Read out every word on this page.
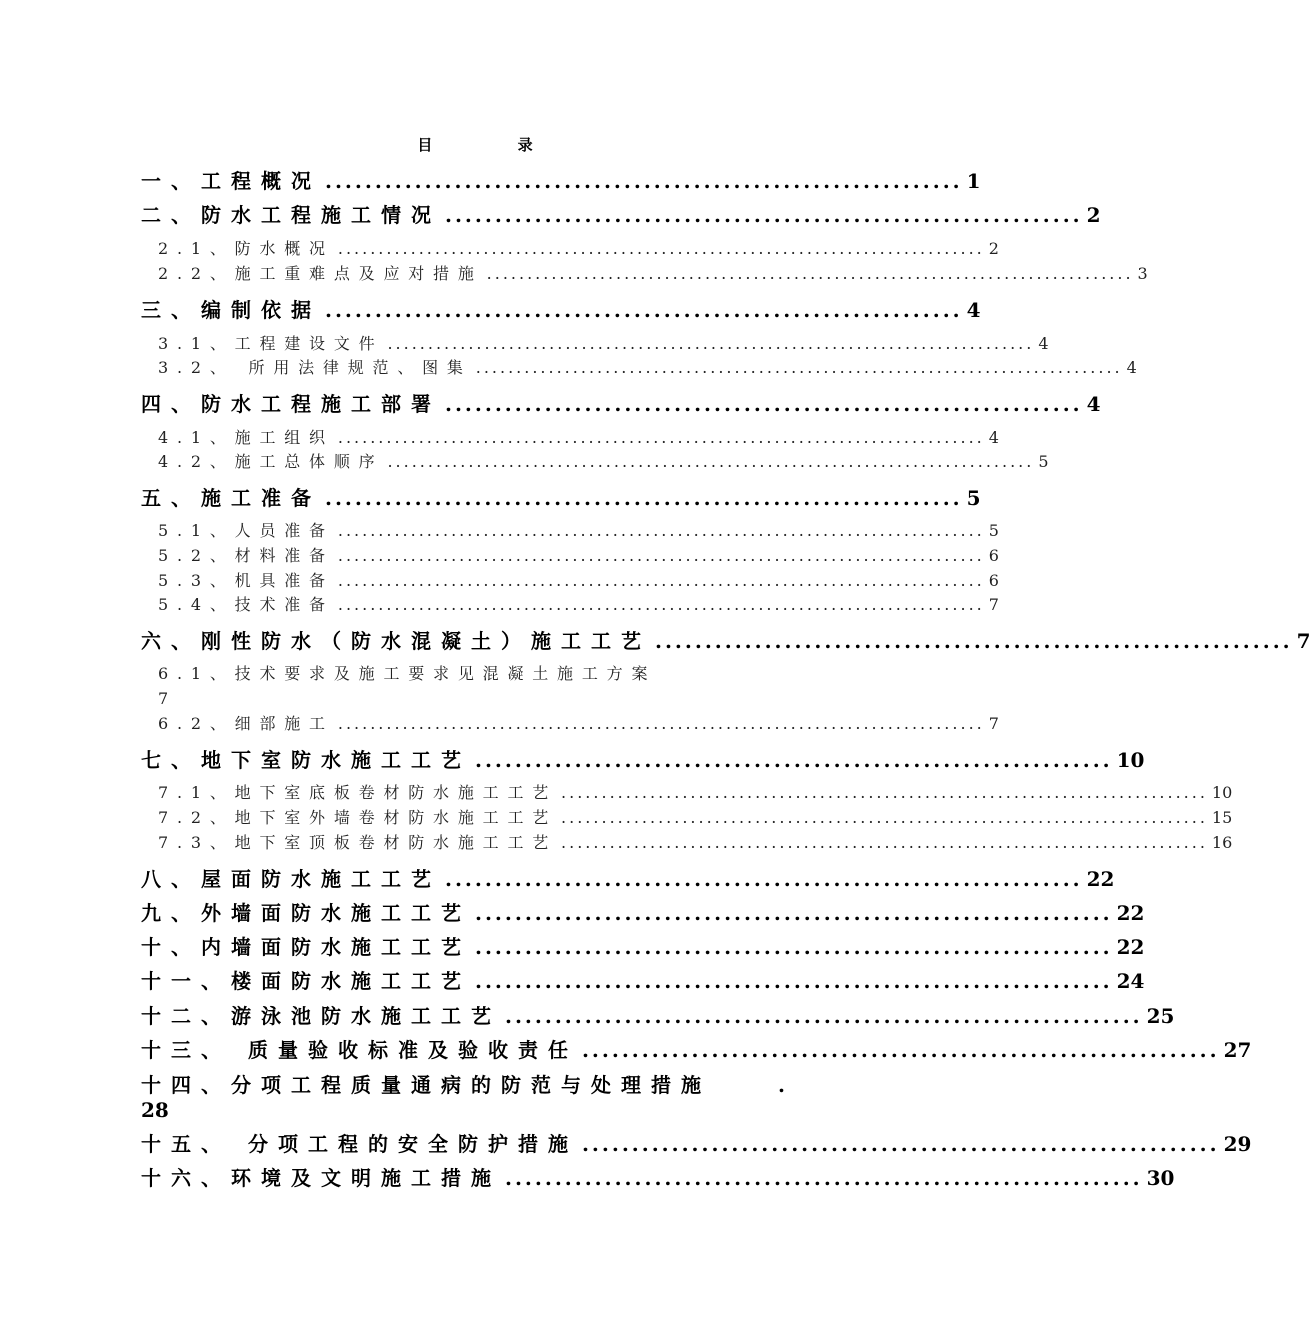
目 录
一、工程概况 ................................................................ 1
二、防水工程施工情况 ................................................................ 2
2.1、防水概况 ................................................................................ 2
2.2、施工重难点及应对措施 ................................................................................ 3
三、编制依据 ................................................................ 4
3.1、工程建设文件 ................................................................................ 4
3.2、 所用法律规范、图集 ................................................................................ 4
四、防水工程施工部署 ................................................................ 4
4.1、施工组织 ................................................................................ 4
4.2、施工总体顺序 ................................................................................ 5
五、施工准备 ................................................................ 5
5.1、人员准备 ................................................................................ 5
5.2、材料准备 ................................................................................ 6
5.3、机具准备 ................................................................................ 6
5.4、技术准备 ................................................................................ 7
六、刚性防水（防水混凝土）施工工艺 ................................................................ 7
6.1、技术要求及施工要求见混凝土施工方案
7
6.2、细部施工 ................................................................................ 7
七、地下室防水施工工艺 ................................................................ 10
7.1、地下室底板卷材防水施工工艺 ................................................................................ 10
7.2、地下室外墙卷材防水施工工艺 ................................................................................ 15
7.3、地下室顶板卷材防水施工工艺 ................................................................................ 16
八、屋面防水施工工艺 ................................................................ 22
九、外墙面防水施工工艺 ................................................................ 22
十、内墙面防水施工工艺 ................................................................ 22
十一、楼面防水施工工艺 ................................................................ 24
十二、游泳池防水施工工艺 ................................................................ 25
十三、 质量验收标准及验收责任 ................................................................ 27
十四、分项工程质量通病的防范与处理措施	.
28
十五、 分项工程的安全防护措施 ................................................................ 29
十六、环境及文明施工措施 ................................................................ 30
